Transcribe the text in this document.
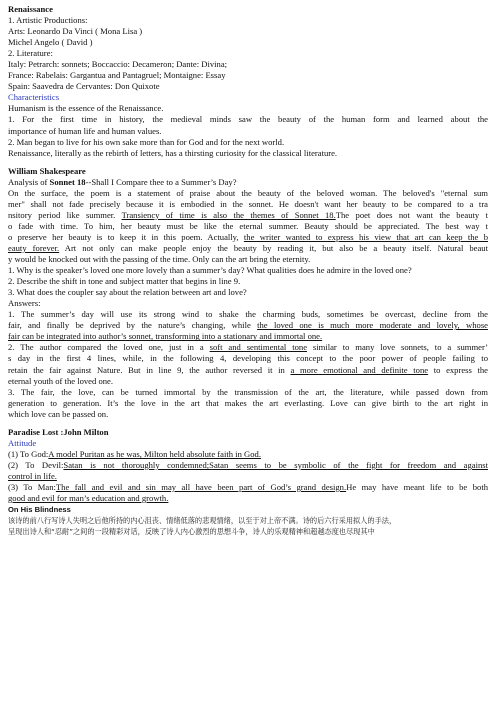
Renaissance
1. Artistic Productions:
Arts: Leonardo Da Vinci ( Mona Lisa )
Michel Angelo ( David )
2. Literature:
Italy: Petrarch: sonnets; Boccaccio: Decameron; Dante: Divina;
France: Rabelais: Gargantua and Pantagruel; Montaigne: Essay
Spain: Saavedra de Cervantes: Don Quixote
Characteristics
Humanism is the essence of the Renaissance.
1. For the first time in history, the medieval minds saw the beauty of the human form and learned about the
importance of human life and human values.
2. Man began to live for his own sake more than for God and for the next world.
Renaissance, literally as the rebirth of letters, has a thirsting curiosity for the classical literature.
William Shakespeare
Analysis of Sonnet 18--Shall I Compare thee to a Summer’s Day?
On the surface, the poem is a statement of praise about the beauty of the beloved woman. The beloved's "eternal sum
mer" shall not fade precisely because it is embodied in the sonnet. He doesn't want her beauty to be compared to a tra
nsitory period like summer. Transiency of time is also the themes of Sonnet 18.The poet does not want the beauty t
o fade with time. To him, her beauty must be like the eternal summer. Beauty should be appreciated. The best way t
o preserve her beauty is to keep it in this poem. Actually, the writer wanted to express his view that art can keep the b
eauty forever. Art not only can make people enjoy the beauty by reading it, but also be a beauty itself. Natural beaut
y would be knocked out with the passing of the time. Only can the art bring the eternity.
1. Why is the speaker’s loved one more lovely than a summer’s day? What qualities does he admire in the loved one?
2. Describe the shift in tone and subject matter that begins in line 9.
3. What does the coupler say about the relation between art and love?
Answers:
1. The summer’s day will use its strong wind to shake the charming buds, sometimes be overcast, decline from the
fair, and finally be deprived by the nature’s changing, while the loved one is much more moderate and lovely, whose
fair can be integrated into author’s sonnet, transforming into a stationary and immortal one.
2. The author compared the loved one, just in a soft and sentimental tone similar to many love sonnets, to a summer’
s day in the first 4 lines, while, in the following 4, developing this concept to the poor power of people failing to
retain the fair against Nature. But in line 9, the author reversed it in a more emotional and definite tone to express the
eternal youth of the loved one.
3. The fair, the love, can be turned immortal by the transmission of the art, the literature, while passed down from
generation to generation. It’s the love in the art that makes the art everlasting. Love can give birth to the art right in
which love can be passed on.
Paradise Lost :John Milton
Attitude
(1) To God:A model Puritan as he was, Milton held absolute faith in God.
(2) To Devil:Satan is not thoroughly condemned;Satan seems to be symbolic of the fight for freedom and against
control in life.
(3) To Man:The fall and evil and sin may all have been part of God’s grand design.He may have meant life to be both
good and evil for man’s education and growth.
On His Blindness
该诗的前八行写诗人失明之后他所持的内心沮丧、情绪低落的悲观情绪，以至于对上帝不满。诗的后六行采用拟人的手法，
呈现出诗人和“忍耐”之间的一段精彩对话，反映了诗人内心激烈的思想斗争，诗人的乐观精神和超越态度也尽现其中
